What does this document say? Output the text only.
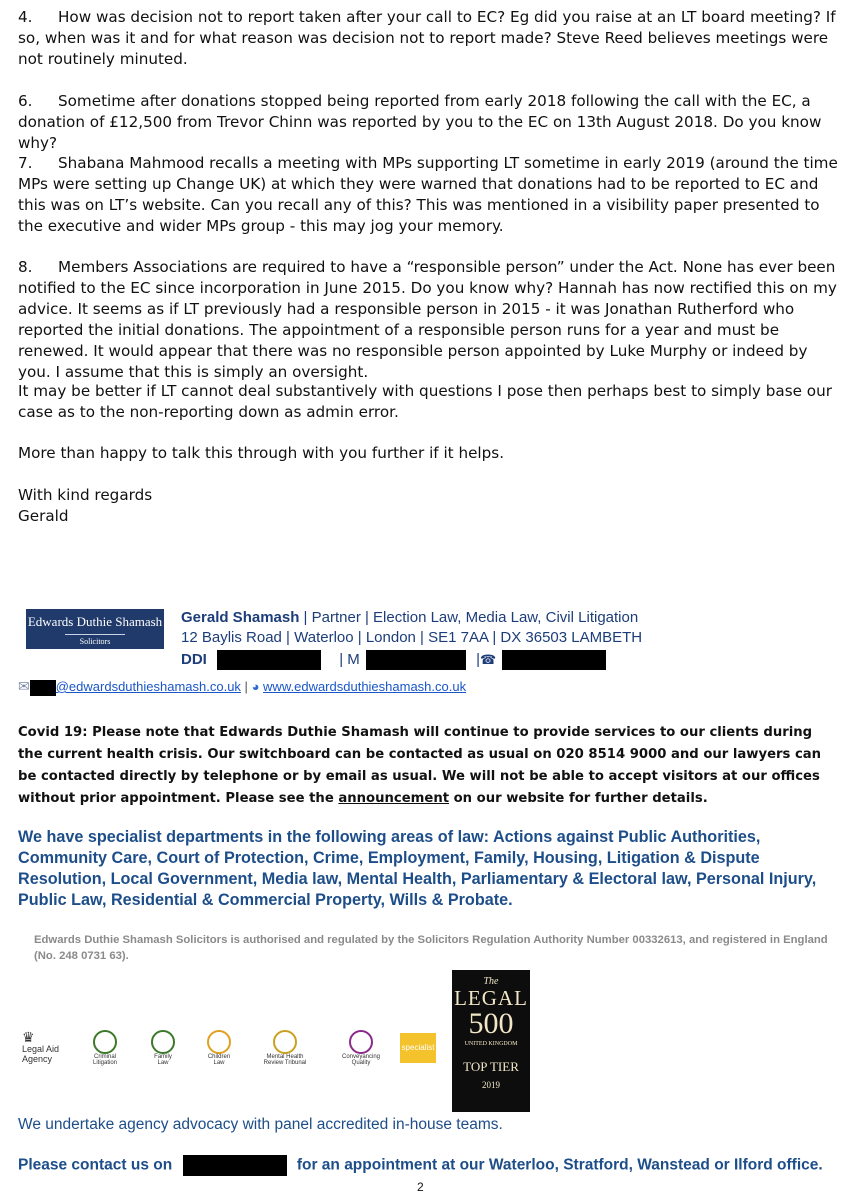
4. How was decision not to report taken after your call to EC? Eg did you raise at an LT board meeting? If so, when was it and for what reason was decision not to report made? Steve Reed believes meetings were not routinely minuted.

6. Sometime after donations stopped being reported from early 2018 following the call with the EC, a donation of £12,500 from Trevor Chinn was reported by you to the EC on 13th August 2018. Do you know why?

7. Shabana Mahmood recalls a meeting with MPs supporting LT sometime in early 2019 (around the time MPs were setting up Change UK) at which they were warned that donations had to be reported to EC and this was on LT’s website. Can you recall any of this? This was mentioned in a visibility paper presented to the executive and wider MPs group - this may jog your memory.

8. Members Associations are required to have a “responsible person” under the Act. None has ever been notified to the EC since incorporation in June 2015. Do you know why? Hannah has now rectified this on my advice. It seems as if LT previously had a responsible person in 2015 - it was Jonathan Rutherford who reported the initial donations. The appointment of a responsible person runs for a year and must be renewed. It would appear that there was no responsible person appointed by Luke Murphy or indeed by you. I assume that this is simply an oversight.

It may be better if LT cannot deal substantively with questions I pose then perhaps best to simply base our case as to the non-reporting down as admin error.

More than happy to talk this through with you further if it helps.

With kind regards

Gerald

Edwards Duthie Shamash
Solicitors
Gerald Shamash | Partner | Election Law, Media Law, Civil Litigation
12 Baylis Road | Waterloo | London | SE1 7AA | DX 36503 LAMBETH
DDI	| M	|☎
✉ @edwardsduthieshamash.co.uk | ◕ www.edwardsduthieshamash.co.uk
Covid 19: Please note that Edwards Duthie Shamash will continue to provide services to our clients during the current health crisis. Our switchboard can be contacted as usual on 020 8514 9000 and our lawyers can be contacted directly by telephone or by email as usual. We will not be able to accept visitors at our offices without prior appointment. Please see the announcement on our website for further details.
We have specialist departments in the following areas of law: Actions against Public Authorities, Community Care, Court of Protection, Crime, Employment, Family, Housing, Litigation & Dispute Resolution, Local Government, Media law, Mental Health, Parliamentary & Electoral law, Personal Injury, Public Law, Residential & Commercial Property, Wills & Probate.
Edwards Duthie Shamash Solicitors is authorised and regulated by the Solicitors Regulation Authority Number 00332613, and registered in England (No. 248 0731 63).
♛
Legal Aid
Agency	Criminal
Litigation
Family
Law
Children
Law
Mental Health
Review Tribunal
Conveyancing
Quality
specialist
The
LEGAL
500
UNITED KINGDOM
TOP TIER
2019
We undertake agency advocacy with panel accredited in-house teams.
Please contact us on	for an appointment at our Waterloo, Stratford, Wanstead or Ilford office.
2
